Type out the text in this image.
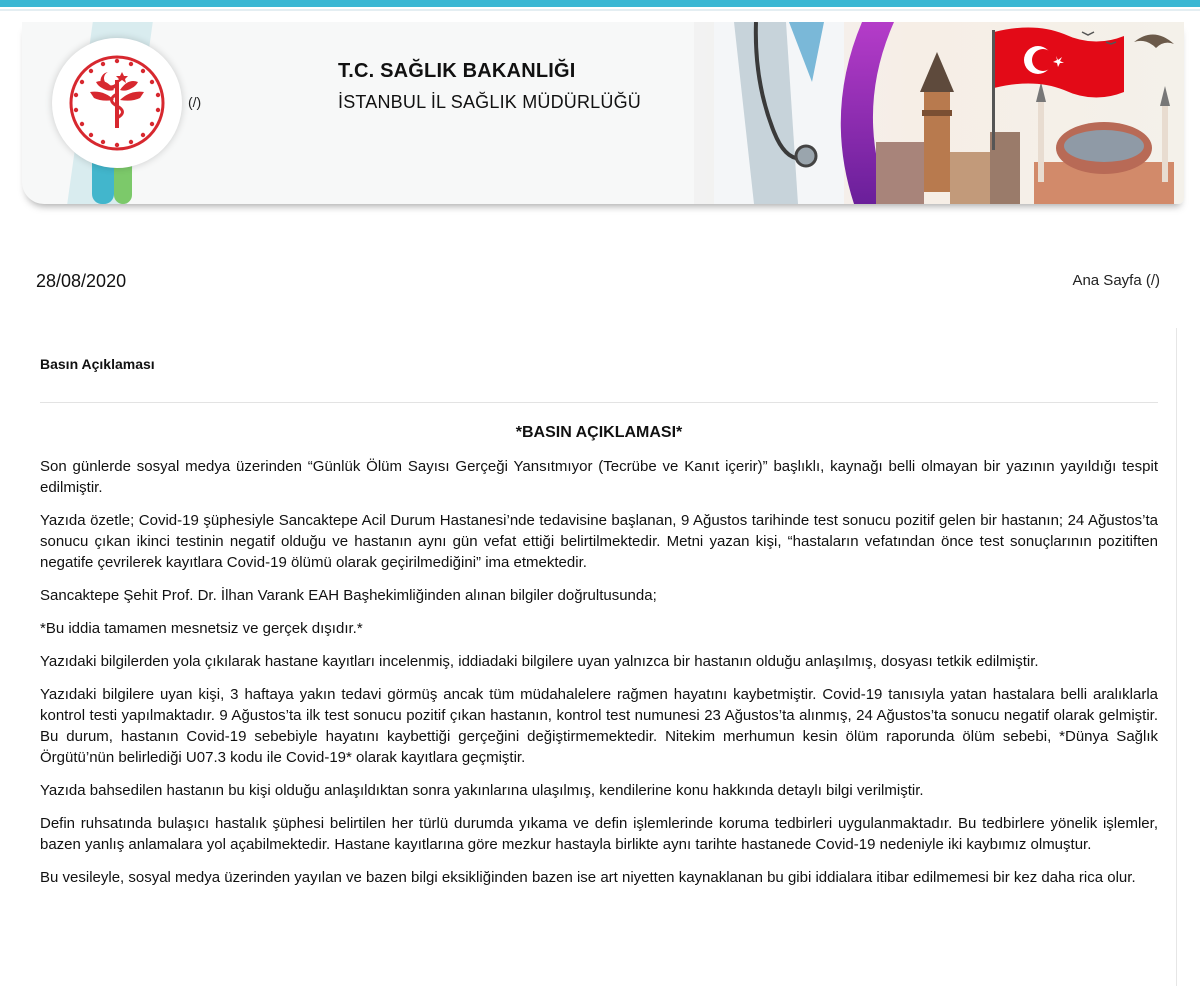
(/)
T.C. SAĞLIK BAKANLIĞI
İSTANBUL İL SAĞLIK MÜDÜRLÜĞÜ
28/08/2020	Ana Sayfa (/)
Basın Açıklaması
*BASIN AÇIKLAMASI*

Son günlerde sosyal medya üzerinden “Günlük Ölüm Sayısı Gerçeği Yansıtmıyor (Tecrübe ve Kanıt içerir)” başlıklı, kaynağı belli olmayan bir yazının yayıldığı tespit edilmiştir.

Yazıda özetle; Covid-19 şüphesiyle Sancaktepe Acil Durum Hastanesi’nde tedavisine başlanan, 9 Ağustos tarihinde test sonucu pozitif gelen bir hastanın; 24 Ağustos’ta sonucu çıkan ikinci testinin negatif olduğu ve hastanın aynı gün vefat ettiği belirtilmektedir. Metni yazan kişi, “hastaların vefatından önce test sonuçlarının pozitiften negatife çevrilerek kayıtlara Covid-19 ölümü olarak geçirilmediğini” ima etmektedir.

Sancaktepe Şehit Prof. Dr. İlhan Varank EAH Başhekimliğinden alınan bilgiler doğrultusunda;

*Bu iddia tamamen mesnetsiz ve gerçek dışıdır.*

Yazıdaki bilgilerden yola çıkılarak hastane kayıtları incelenmiş, iddiadaki bilgilere uyan yalnızca bir hastanın olduğu anlaşılmış, dosyası tetkik edilmiştir.

Yazıdaki bilgilere uyan kişi, 3 haftaya yakın tedavi görmüş ancak tüm müdahalelere rağmen hayatını kaybetmiştir. Covid-19 tanısıyla yatan hastalara belli aralıklarla kontrol testi yapılmaktadır. 9 Ağustos’ta ilk test sonucu pozitif çıkan hastanın, kontrol test numunesi 23 Ağustos’ta alınmış, 24 Ağustos’ta sonucu negatif olarak gelmiştir. Bu durum, hastanın Covid-19 sebebiyle hayatını kaybettiği gerçeğini değiştirmemektedir. Nitekim merhumun kesin ölüm raporunda ölüm sebebi, *Dünya Sağlık Örgütü’nün belirlediği U07.3 kodu ile Covid-19* olarak kayıtlara geçmiştir.

Yazıda bahsedilen hastanın bu kişi olduğu anlaşıldıktan sonra yakınlarına ulaşılmış, kendilerine konu hakkında detaylı bilgi verilmiştir.

Defin ruhsatında bulaşıcı hastalık şüphesi belirtilen her türlü durumda yıkama ve defin işlemlerinde koruma tedbirleri uygulanmaktadır. Bu tedbirlere yönelik işlemler, bazen yanlış anlamalara yol açabilmektedir. Hastane kayıtlarına göre mezkur hastayla birlikte aynı tarihte hastanede Covid-19 nedeniyle iki kaybımız olmuştur.

Bu vesileyle, sosyal medya üzerinden yayılan ve bazen bilgi eksikliğinden bazen ise art niyetten kaynaklanan bu gibi iddialara itibar edilmemesi bir kez daha rica olur.
